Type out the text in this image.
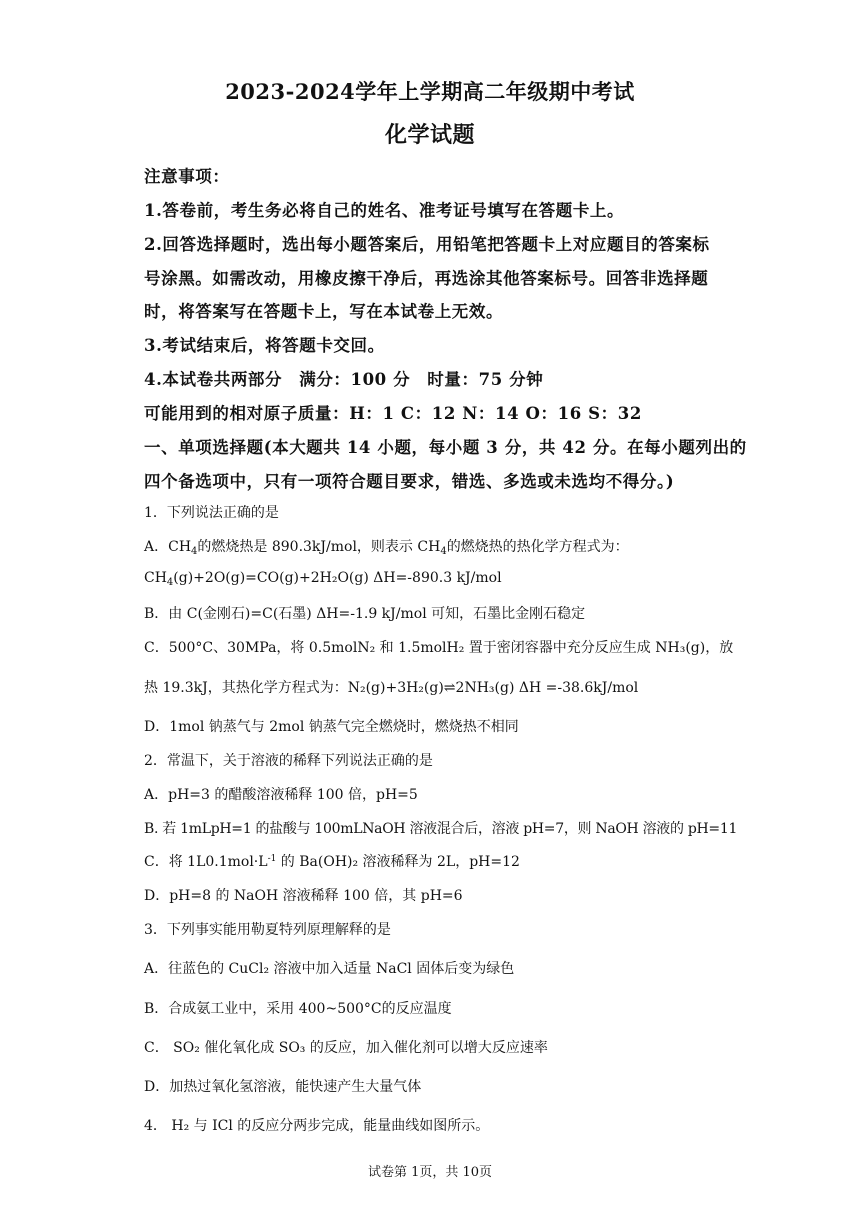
2023-2024学年上学期高二年级期中考试
化学试题
注意事项：
1.答卷前，考生务必将自己的姓名、准考证号填写在答题卡上。
2.回答选择题时，选出每小题答案后，用铅笔把答题卡上对应题目的答案标
号涂黑。如需改动，用橡皮擦干净后，再选涂其他答案标号。回答非选择题
时，将答案写在答题卡上，写在本试卷上无效。
3.考试结束后，将答题卡交回。
4.本试卷共两部分　满分：100 分　时量：75 分钟
可能用到的相对原子质量：H：1 C：12 N：14 O：16 S：32
一、单项选择题(本大题共 14 小题，每小题 3 分，共 42 分。在每小题列出的
四个备选项中，只有一项符合题目要求，错选、多选或未选均不得分。)
1．下列说法正确的是
A．$CH_4$的燃烧热是 890.3kJ/mol，则表示 $CH_4$的燃烧热的热化学方程式为：
$CH_4(g)+2O(g)=CO(g)+2H_2O(g)$ ΔH=-890.3 kJ/mol
B．由 C(金刚石)=C(石墨) ΔH=-1.9 kJ/mol 可知，石墨比金刚石稳定
C．500°C、30MPa，将 0.5molN₂ 和 1.5molH₂ 置于密闭容器中充分反应生成 NH₃(g)，放
热 19.3kJ，其热化学方程式为：N₂(g)+3H₂(g)⇌2NH₃(g) ΔH =-38.6kJ/mol
D．1mol 钠蒸气与 2mol 钠蒸气完全燃烧时，燃烧热不相同
2．常温下，关于溶液的稀释下列说法正确的是
A．pH=3 的醋酸溶液稀释 100 倍，pH=5
B. 若 1mLpH=1 的盐酸与 100mLNaOH 溶液混合后，溶液 pH=7，则 NaOH 溶液的 pH=11
C．将 $1L0.1mol\cdot L^{-1}$ 的 Ba(OH)₂ 溶液稀释为 2L，pH=12
D．pH=8 的 NaOH 溶液稀释 100 倍，其 pH=6
3．下列事实能用勒夏特列原理解释的是
A．往蓝色的 CuCl₂ 溶液中加入适量 NaCl 固体后变为绿色
B．合成氨工业中，采用 400~500°C的反应温度
C． SO₂ 催化氧化成 SO₃ 的反应，加入催化剂可以增大反应速率
D．加热过氧化氢溶液，能快速产生大量气体
4． H₂ 与 ICl 的反应分两步完成，能量曲线如图所示。
试卷第 1页，共 10页
